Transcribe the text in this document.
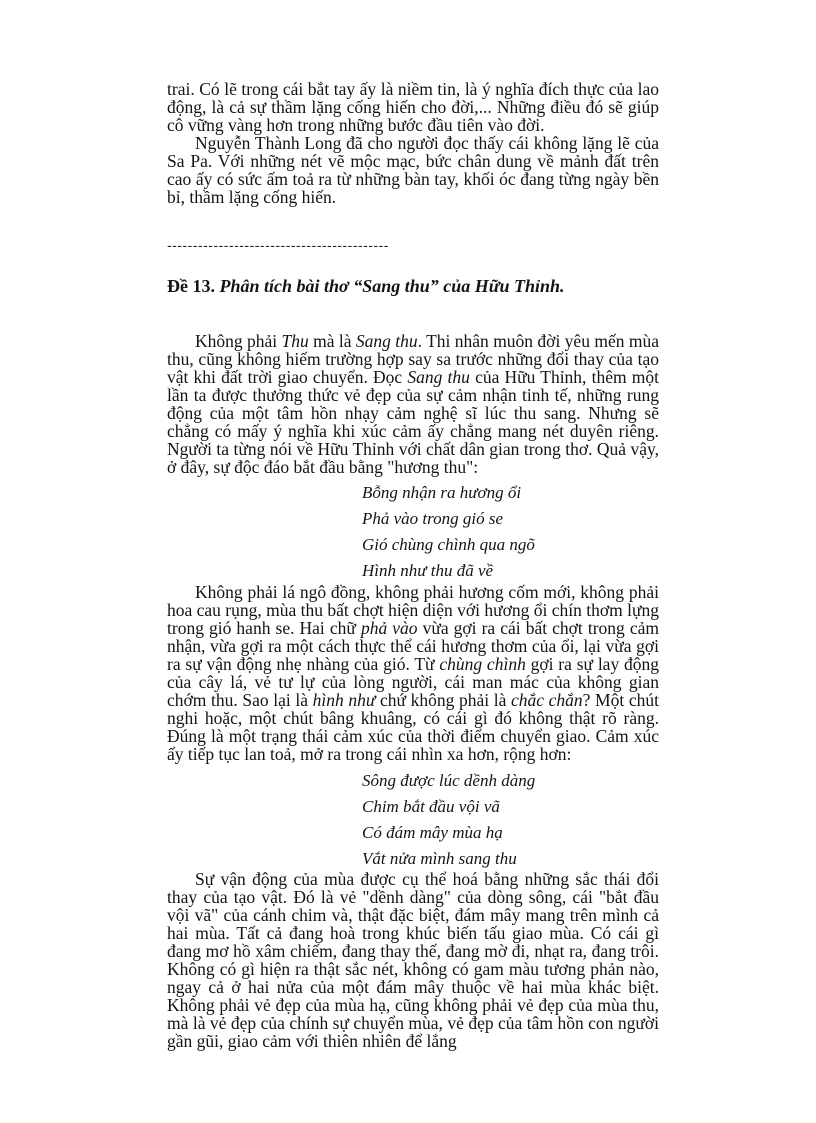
trai. Có lẽ trong cái bắt tay ấy là niềm tin, là ý nghĩa đích thực của lao động, là cả sự thầm lặng cống hiến cho đời,... Những điều đó sẽ giúp cô vững vàng hơn trong những bước đầu tiên vào đời.

Nguyễn Thành Long đã cho người đọc thấy cái không lặng lẽ của Sa Pa. Với những nét vẽ mộc mạc, bức chân dung về mảnh đất trên cao ấy có sức ấm toả ra từ những bàn tay, khối óc đang từng ngày bền bỉ, thầm lặng cống hiến.

-------------------------------------------
Đề 13. Phân tích bài thơ “Sang thu” của Hữu Thỉnh.

Không phải Thu mà là Sang thu. Thi nhân muôn đời yêu mến mùa thu, cũng không hiếm trường hợp say sa trước những đổi thay của tạo vật khi đất trời giao chuyển. Đọc Sang thu của Hữu Thỉnh, thêm một lần ta được thưởng thức vẻ đẹp của sự cảm nhận tinh tế, những rung động của một tâm hồn nhạy cảm nghệ sĩ lúc thu sang. Nhưng sẽ chẳng có mấy ý nghĩa khi xúc cảm ấy chẳng mang nét duyên riêng. Người ta từng nói về Hữu Thỉnh với chất dân gian trong thơ. Quả vậy, ở đây, sự độc đáo bắt đầu bằng "hương thu":

Bỗng nhận ra hương ổi
Phả vào trong gió se
Gió chùng chình qua ngõ
Hình như thu đã về

Không phải lá ngô đồng, không phải hương cốm mới, không phải hoa cau rụng, mùa thu bất chợt hiện diện với hương ổi chín thơm lựng trong gió hanh se. Hai chữ phả vào vừa gợi ra cái bất chợt trong cảm nhận, vừa gợi ra một cách thực thể cái hương thơm của ổi, lại vừa gợi ra sự vận động nhẹ nhàng của gió. Từ chùng chình gợi ra sự lay động của cây lá, vẻ tư lự của lòng người, cái man mác của không gian chớm thu. Sao lại là hình như chứ không phải là chắc chắn? Một chút nghi hoặc, một chút bâng khuâng, có cái gì đó không thật rõ ràng. Đúng là một trạng thái cảm xúc của thời điểm chuyển giao. Cảm xúc ấy tiếp tục lan toả, mở ra trong cái nhìn xa hơn, rộng hơn:

Sông được lúc dềnh dàng
Chim bắt đầu vội vã
Có đám mây mùa hạ
Vắt nửa mình sang thu

Sự vận động của mùa được cụ thể hoá bằng những sắc thái đổi thay của tạo vật. Đó là vẻ "dềnh dàng" của dòng sông, cái "bắt đầu vội vã" của cánh chim và, thật đặc biệt, đám mây mang trên mình cả hai mùa. Tất cả đang hoà trong khúc biến tấu giao mùa. Có cái gì đang mơ hồ xâm chiếm, đang thay thế, đang mờ đi, nhạt ra, đang trôi. Không có gì hiện ra thật sắc nét, không có gam màu tương phản nào, ngay cả ở hai nửa của một đám mây thuộc về hai mùa khác biệt. Không phải vẻ đẹp của mùa hạ, cũng không phải vẻ đẹp của mùa thu, mà là vẻ đẹp của chính sự chuyển mùa, vẻ đẹp của tâm hồn con người gần gũi, giao cảm với thiên nhiên để lắng
